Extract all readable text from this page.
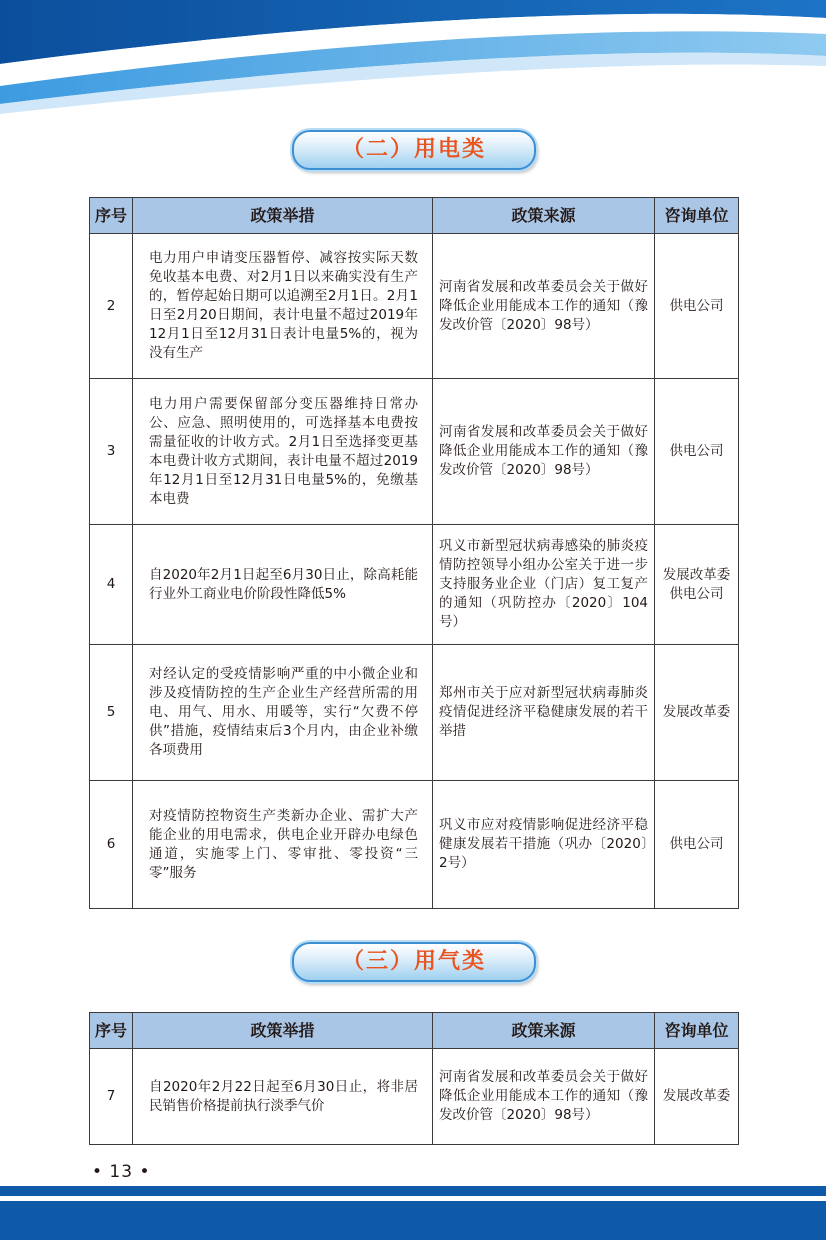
（二）用电类
序号	政策举措	政策来源	咨询单位
2	电力用户申请变压器暂停、减容按实际天数免收基本电费、对2月1日以来确实没有生产的，暂停起始日期可以追溯至2月1日。2月1日至2月20日期间，表计电量不超过2019年12月1日至12月31日表计电量5%的，视为没有生产	河南省发展和改革委员会关于做好降低企业用能成本工作的通知（豫发改价管〔2020〕98号）	供电公司

3	电力用户需要保留部分变压器维持日常办公、应急、照明使用的，可选择基本电费按需量征收的计收方式。2月1日至选择变更基本电费计收方式期间，表计电量不超过2019年12月1日至12月31日电量5%的，免缴基本电费	河南省发展和改革委员会关于做好降低企业用能成本工作的通知（豫发改价管〔2020〕98号）	供电公司

4	自2020年2月1日起至6月30日止，除高耗能行业外工商业电价阶段性降低5%	巩义市新型冠状病毒感染的肺炎疫情防控领导小组办公室关于进一步支持服务业企业（门店）复工复产的通知（巩防控办〔2020〕104号）	发展改革委
供电公司

5	对经认定的受疫情影响严重的中小微企业和涉及疫情防控的生产企业生产经营所需的用电、用气、用水、用暖等，实行“欠费不停供”措施，疫情结束后3个月内，由企业补缴各项费用	郑州市关于应对新型冠状病毒肺炎疫情促进经济平稳健康发展的若干举措	发展改革委

6	对疫情防控物资生产类新办企业、需扩大产能企业的用电需求，供电企业开辟办电绿色通道，实施零上门、零审批、零投资“三零”服务	巩义市应对疫情影响促进经济平稳健康发展若干措施（巩办〔2020〕2号）	供电公司
（三）用气类
序号	政策举措	政策来源	咨询单位
7	自2020年2月22日起至6月30日止，将非居民销售价格提前执行淡季气价	河南省发展和改革委员会关于做好降低企业用能成本工作的通知（豫发改价管〔2020〕98号）	发展改革委
• 13 •
